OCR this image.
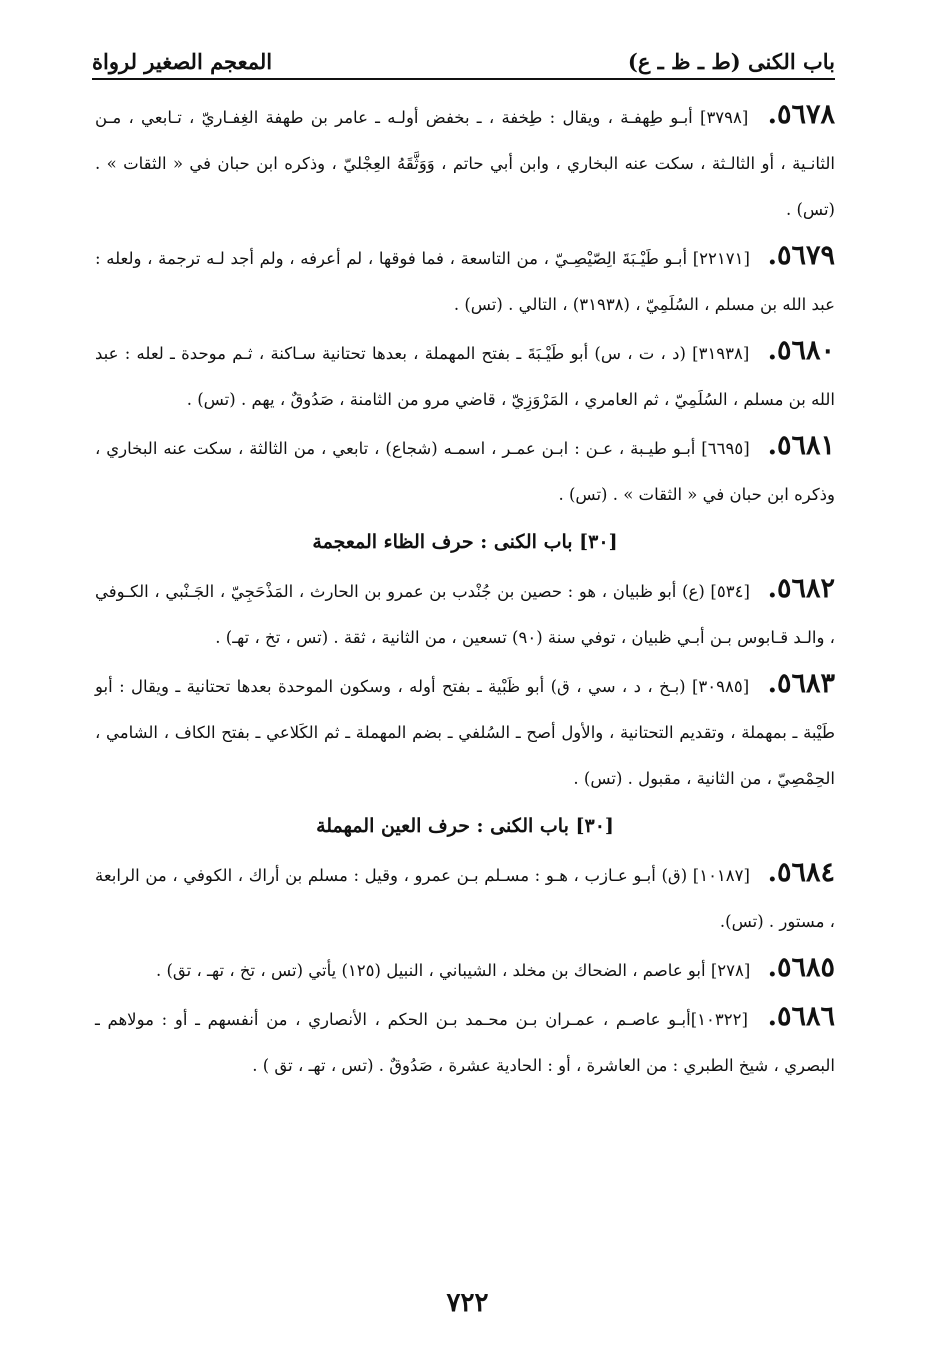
باب الكنى (ط ـ ظ ـ ع)
المعجم الصغير لرواة

٥٦٧٨. [٣٧٩٨] أبـو طِهفـة ، ويقال : طِخفة ، ـ بخفض أولـه ـ عامر بن طهفة الغِفـاريّ ، تـابعي ، مـن الثانـية ، أو الثالـثة ، سكت عنه البخاري ، وابن أبي حاتم ، وَوَثَّقَهُ العِجْليّ ، وذكره ابن حبان في « الثقات » . (تس) .

٥٦٧٩. [٢٢١٧١] أبـو طَيْـبَةَ الِصّيْصِـيّ ، من التاسعة ، فما فوقها ، لم أعرفه ، ولم أجد لـه ترجمة ، ولعله : عبد الله بن مسلم ، السُلَمِيّ ، (٣١٩٣٨) ، التالي . (تس) .

٥٦٨٠. [٣١٩٣٨] (د ، ت ، س) أبو طَيْـبَةَ ـ بفتح المهملة ، بعدها تحتانية سـاكنة ، ثـم موحدة ـ لعله : عبد الله بن مسلم ، السُلَمِيّ ، ثم العامري ، المَرْوَزِيّ ، قاضي مرو من الثامنة ، صَدُوقٌ ، يهم . (تس) .

٥٦٨١. [٦٦٩٥] أبـو طيـبة ، عـن : ابـن عمـر ، اسمـه (شجاع) ، تابعي ، من الثالثة ، سكت عنه البخاري ، وذكره ابن حبان في « الثقات » . (تس) .

[٣٠] باب الكنى : حرف الظاء المعجمة

٥٦٨٢. [٥٣٤] (ع) أبو ظبيان ، هو : حصين بن جُنْدب بن عمرو بن الحارث ، المَذْحَجِيّ ، الجَـنْبي ، الكـوفي ، والـد قـابوس بـن أبـي ظبيان ، توفي سنة (٩٠) تسعين ، من الثانية ، ثقة . (تس ، تخ ، تهـ) .

٥٦٨٣. [٣٠٩٨٥] (بـخ ، د ، سي ، ق) أبو ظَبْية ـ بفتح أوله ، وسكون الموحدة بعدها تحتانية ـ ويقال : أبو طَيْبة ـ بمهملة ، وتقديم التحتانية ، والأول أصح ـ السُلفي ـ بضم المهملة ـ ثم الكَلاعي ـ بفتح الكاف ، الشامي ، الحِمْصِيّ ، من الثانية ، مقبول . (تس) .

[٣٠] باب الكنى : حرف العين المهملة

٥٦٨٤. [١٠١٨٧] (ق) أبـو عـازب ، هـو : مسـلم بـن عمرو ، وقيل : مسلم بن أراك ، الكوفي ، من الرابعة ، مستور . (تس).

٥٦٨٥. [٢٧٨] أبو عاصم ، الضحاك بن مخلد ، الشيباني ، النبيل (١٢٥) يأتي (تس ، تخ ، تهـ ، تق) .

٥٦٨٦. [١٠٣٢٢]أبـو عاصـم ، عمـران بـن محـمد بـن الحكم ، الأنصاري ، من أنفسهم ـ أو : مولاهم ـ البصري ، شيخ الطبري : من العاشرة ، أو : الحادية عشرة ، صَدُوقٌ . (تس ، تهـ ، تق ) .

٧٢٢
